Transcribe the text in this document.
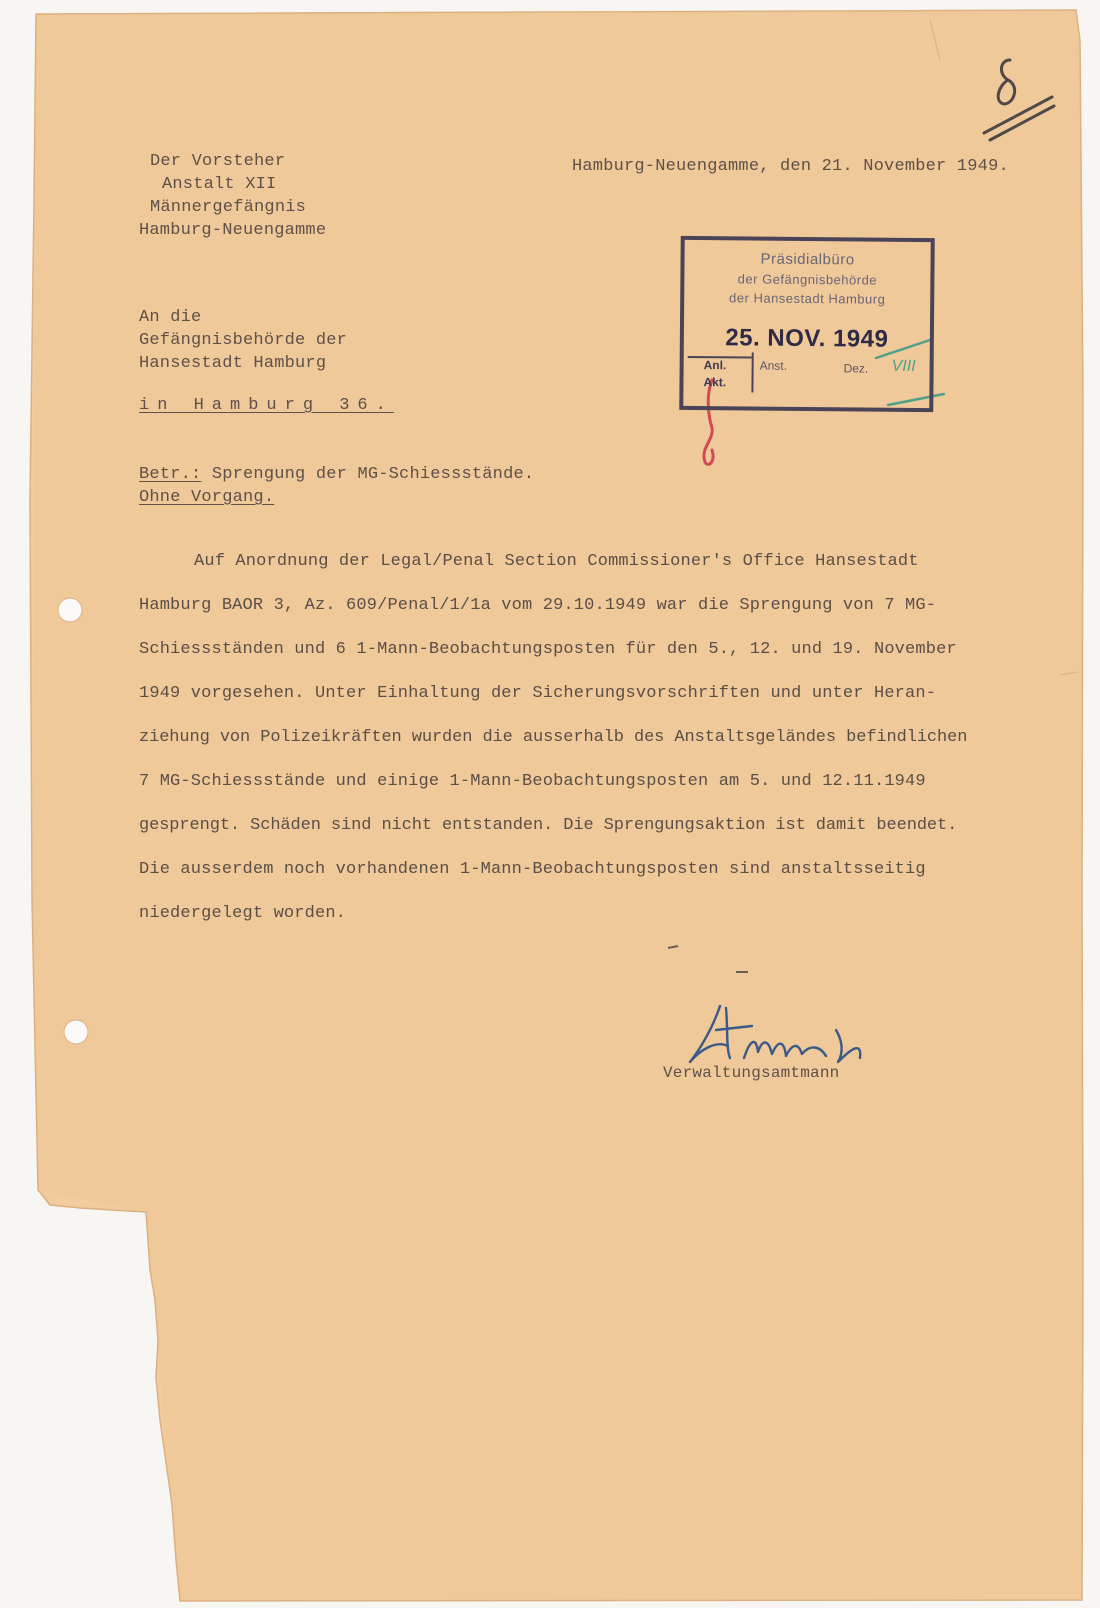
Der Vorsteher
Anstalt XII
Männergefängnis
Hamburg-Neuengamme
Hamburg-Neuengamme, den 21. November 1949.
An die
Gefängnisbehörde der
Hansestadt Hamburg
in Hamburg 36.
Präsidialbüro
der Gefängnisbehörde
der Hansestadt Hamburg
25. NOV. 1949
Anl.
Akt.
Anst.	Dez. VIII
Betr.: Sprengung der MG-Schiessstände.
Ohne Vorgang.
Auf Anordnung der Legal/Penal Section Commissioner's Office Hansestadt
Hamburg BAOR 3, Az. 609/Penal/1/1a vom 29.10.1949 war die Sprengung von 7 MG-
Schiessständen und 6 1-Mann-Beobachtungsposten für den 5., 12. und 19. November
1949 vorgesehen. Unter Einhaltung der Sicherungsvorschriften und unter Heran-
ziehung von Polizeikräften wurden die ausserhalb des Anstaltsgeländes befindlichen
7 MG-Schiessstände und einige 1-Mann-Beobachtungsposten am 5. und 12.11.1949
gesprengt. Schäden sind nicht entstanden. Die Sprengungsaktion ist damit beendet.
Die ausserdem noch vorhandenen 1-Mann-Beobachtungsposten sind anstaltsseitig
niedergelegt worden.
Verwaltungsamtmann
